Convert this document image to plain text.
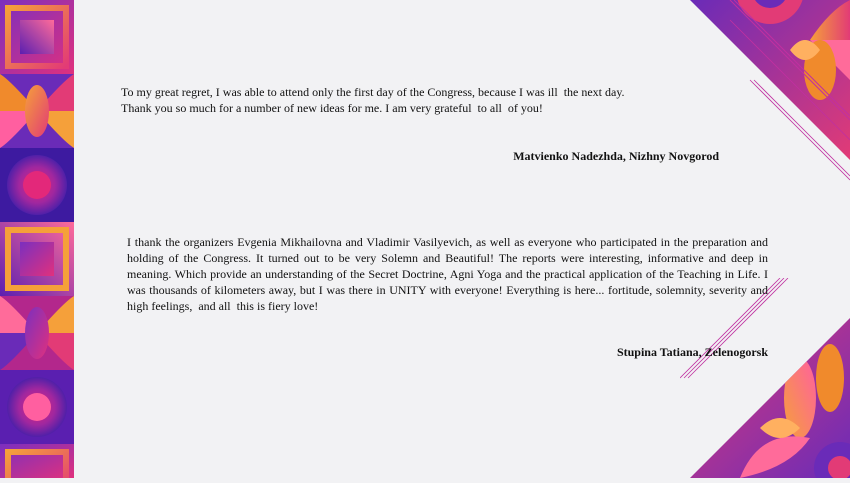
To my great regret, I was able to attend only the first day of the Congress, because I was ill  the next day.

Thank you so much for a number of new ideas for me. I am very grateful  to all  of you!

Matvienko Nadezhda, Nizhny Novgorod

I thank the organizers Evgenia Mikhailovna and Vladimir Vasilyevich, as well as everyone who participated in the preparation and holding of the Congress. It turned out to be very Solemn and Beautiful! The reports were interesting, informative and deep in meaning. Which provide an understanding of the Secret Doctrine, Agni Yoga and the practical application of the Teaching in Life. I was thousands of kilometers away, but I was there in UNITY with everyone! Everything is here... fortitude, solemnity, severity and high feelings,  and all  this is fiery love!

Stupina Tatiana, Zelenogorsk
